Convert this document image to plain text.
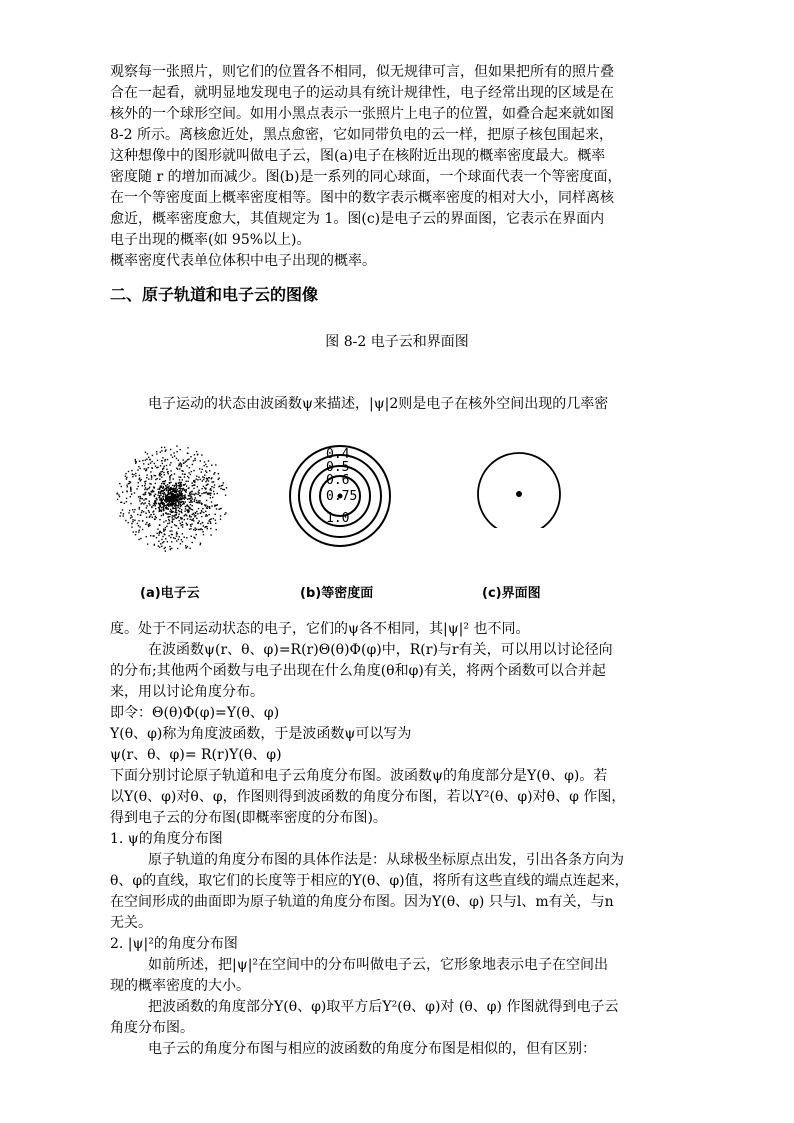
观察每一张照片，则它们的位置各不相同，似无规律可言，但如果把所有的照片叠
合在一起看，就明显地发现电子的运动具有统计规律性，电子经常出现的区域是在
核外的一个球形空间。如用小黑点表示一张照片上电子的位置，如叠合起来就如图
8-2 所示。离核愈近处，黑点愈密，它如同带负电的云一样，把原子核包围起来，
这种想像中的图形就叫做电子云，图(a)电子在核附近出现的概率密度最大。概率
密度随 r 的增加而减少。图(b)是一系列的同心球面，一个球面代表一个等密度面，
在一个等密度面上概率密度相等。图中的数字表示概率密度的相对大小，同样离核
愈近，概率密度愈大，其值规定为 1。图(c)是电子云的界面图，它表示在界面内
电子出现的概率(如 95%以上)。
概率密度代表单位体积中电子出现的概率。
二、原子轨道和电子云的图像
图 8-2 电子云和界面图
电子运动的状态由波函数ψ来描述，|ψ|2则是电子在核外空间出现的几率密
0.4
0.5
0.6
0.75
1.0
(a)电子云	(b)等密度面	(c)界面图
度。处于不同运动状态的电子，它们的ψ各不相同，其|ψ|² 也不同。
在波函数ψ(r、θ、φ)=R(r)Θ(θ)Φ(φ)中，R(r)与r有关，可以用以讨论径向
的分布;其他两个函数与电子出现在什么角度(θ和φ)有关，将两个函数可以合并起
来，用以讨论角度分布。
即令：Θ(θ)Φ(φ)=Y(θ、φ)
Y(θ、φ)称为角度波函数，于是波函数ψ可以写为
ψ(r、θ、φ)= R(r)Y(θ、φ)
下面分别讨论原子轨道和电子云角度分布图。波函数ψ的角度部分是Y(θ、φ)。若
以Y(θ、φ)对θ、φ，作图则得到波函数的角度分布图，若以Y²(θ、φ)对θ、φ 作图，
得到电子云的分布图(即概率密度的分布图)。
1. ψ的角度分布图
原子轨道的角度分布图的具体作法是：从球极坐标原点出发，引出各条方向为
θ、φ的直线，取它们的长度等于相应的Y(θ、φ)值，将所有这些直线的端点连起来，
在空间形成的曲面即为原子轨道的角度分布图。因为Y(θ、φ) 只与l、m有关，与n
无关。
2. |ψ|²的角度分布图
如前所述，把|ψ|²在空间中的分布叫做电子云，它形象地表示电子在空间出
现的概率密度的大小。
把波函数的角度部分Y(θ、φ)取平方后Y²(θ、φ)对 (θ、φ) 作图就得到电子云
角度分布图。
电子云的角度分布图与相应的波函数的角度分布图是相似的，但有区别：
